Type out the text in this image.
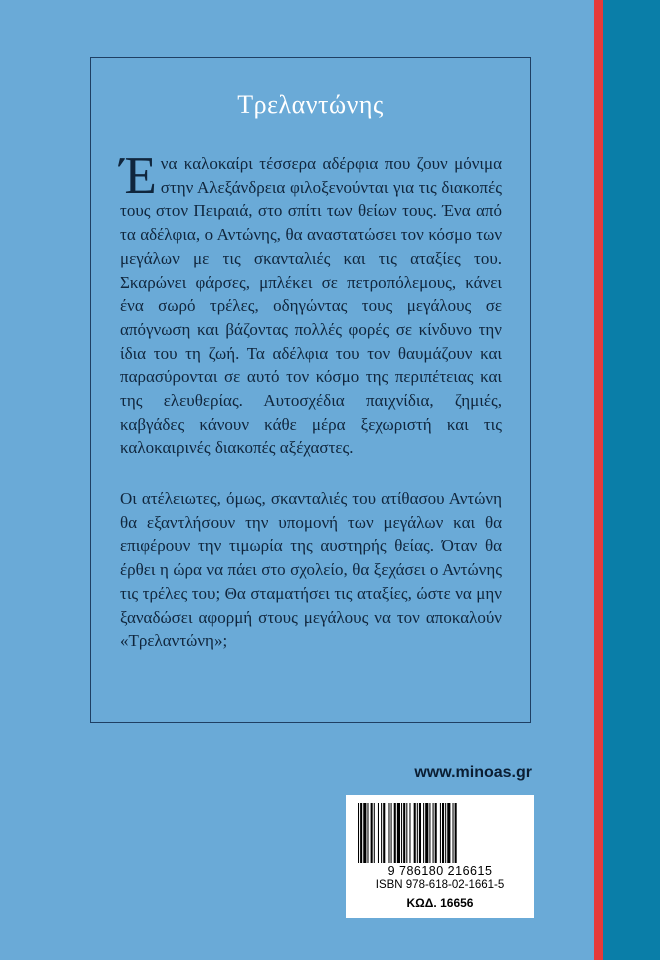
Τρελαντώνης
Ένα καλοκαίρι τέσσερα αδέρφια που ζουν μόνιμα στην Αλεξάνδρεια φιλοξενούνται για τις διακοπές τους στον Πειραιά, στο σπίτι των θείων τους. Ένα από τα αδέλφια, ο Αντώνης, θα αναστατώσει τον κόσμο των μεγάλων με τις σκανταλιές και τις αταξίες του. Σκαρώνει φάρσες, μπλέκει σε πετροπόλεμους, κάνει ένα σωρό τρέλες, οδηγώντας τους μεγάλους σε απόγνωση και βάζοντας πολλές φορές σε κίνδυνο την ίδια του τη ζωή. Τα αδέλφια του τον θαυμάζουν και παρασύρονται σε αυτό τον κόσμο της περιπέτειας και της ελευθερίας. Αυτοσχέδια παιχνίδια, ζημιές, καβγάδες κάνουν κάθε μέρα ξεχωριστή και τις καλοκαιρινές διακοπές αξέχαστες.
Οι ατέλειωτες, όμως, σκανταλιές του ατίθασου Αντώνη θα εξαντλήσουν την υπομονή των μεγάλων και θα επιφέρουν την τιμωρία της αυστηρής θείας. Όταν θα έρθει η ώρα να πάει στο σχολείο, θα ξεχάσει ο Αντώνης τις τρέλες του; Θα σταματήσει τις αταξίες, ώστε να μην ξαναδώσει αφορμή στους μεγάλους να τον αποκαλούν «Τρελαντώνη»;
www.minoas.gr
9 786180 216615
ISBN 978-618-02-1661-5
ΚΩΔ. 16656
